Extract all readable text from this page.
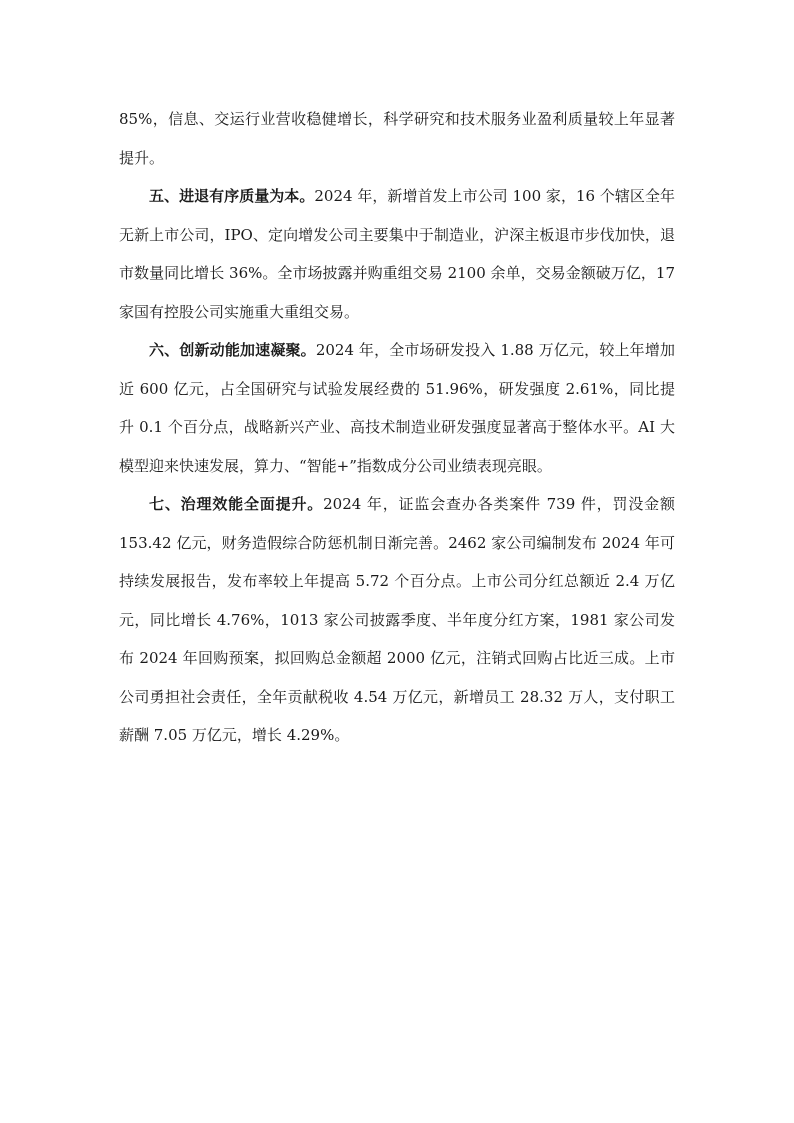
85%，信息、交运行业营收稳健增长，科学研究和技术服务业盈利质量较上年显著提升。

五、进退有序质量为本。2024 年，新增首发上市公司 100 家，16 个辖区全年无新上市公司，IPO、定向增发公司主要集中于制造业，沪深主板退市步伐加快，退市数量同比增长 36%。全市场披露并购重组交易 2100 余单，交易金额破万亿，17 家国有控股公司实施重大重组交易。

六、创新动能加速凝聚。2024 年，全市场研发投入 1.88 万亿元，较上年增加近 600 亿元，占全国研究与试验发展经费的 51.96%，研发强度 2.61%，同比提升 0.1 个百分点，战略新兴产业、高技术制造业研发强度显著高于整体水平。AI 大模型迎来快速发展，算力、“智能+”指数成分公司业绩表现亮眼。

七、治理效能全面提升。2024 年，证监会查办各类案件 739 件，罚没金额 153.42 亿元，财务造假综合防惩机制日渐完善。2462 家公司编制发布 2024 年可持续发展报告，发布率较上年提高 5.72 个百分点。上市公司分红总额近 2.4 万亿元，同比增长 4.76%，1013 家公司披露季度、半年度分红方案，1981 家公司发布 2024 年回购预案，拟回购总金额超 2000 亿元，注销式回购占比近三成。上市公司勇担社会责任，全年贡献税收 4.54 万亿元，新增员工 28.32 万人，支付职工薪酬 7.05 万亿元，增长 4.29%。
